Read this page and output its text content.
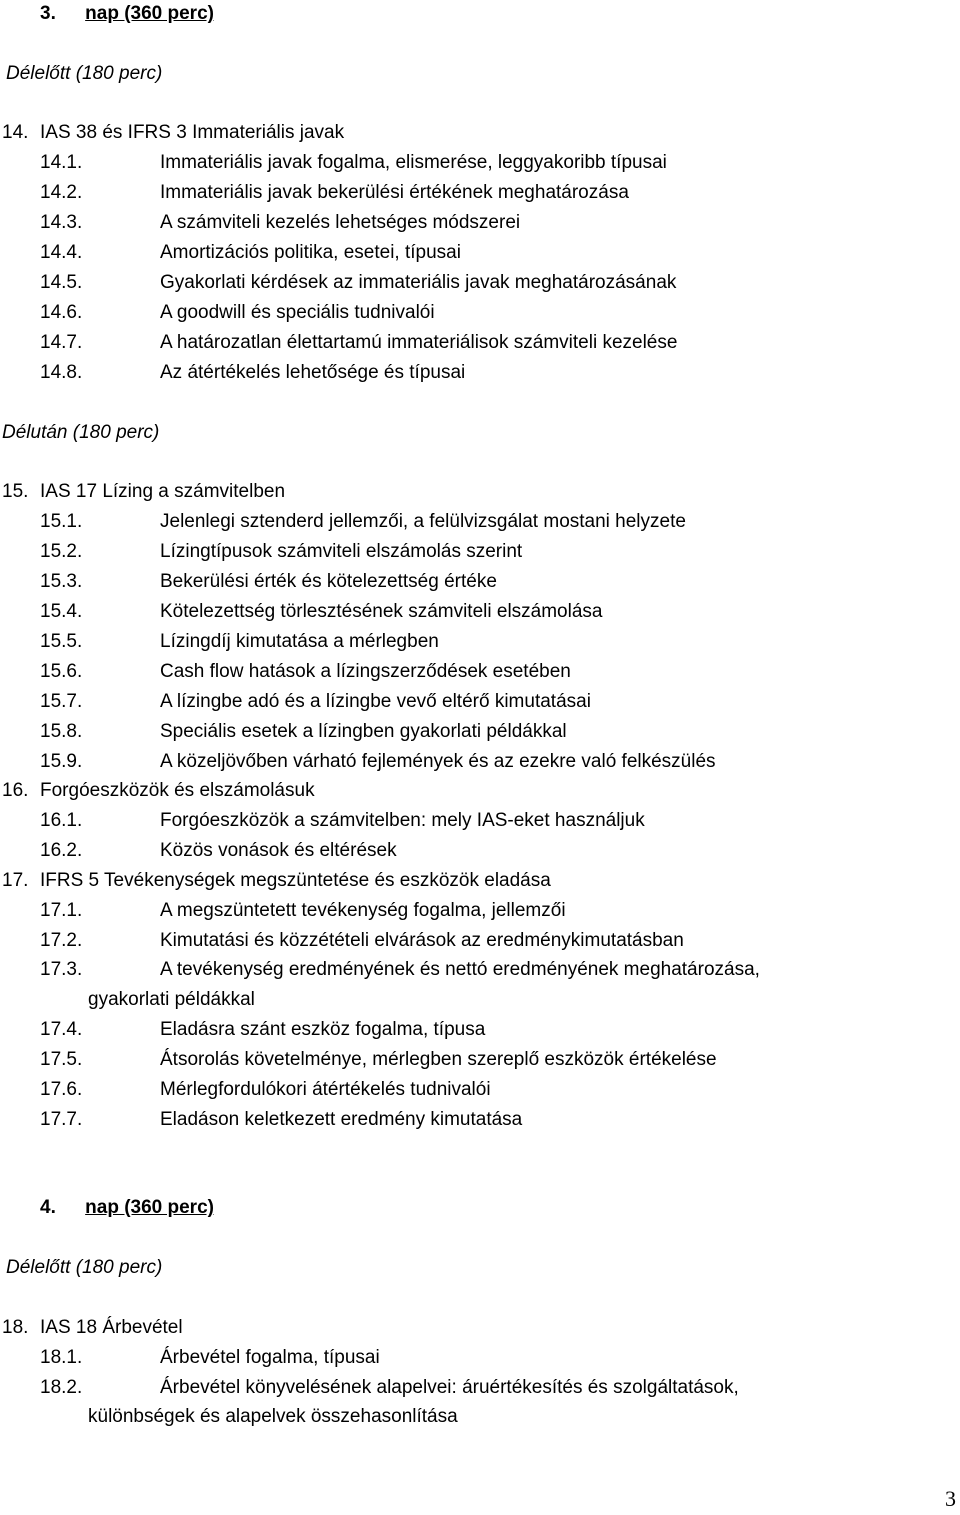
3. nap (360 perc)
Délelőtt (180 perc)
14. IAS 38 és IFRS 3 Immateriális javak
14.1.	Immateriális javak fogalma, elismerése, leggyakoribb típusai
14.2.	Immateriális javak bekerülési értékének meghatározása
14.3.	A számviteli kezelés lehetséges módszerei
14.4.	Amortizációs politika, esetei, típusai
14.5.	Gyakorlati kérdések az immateriális javak meghatározásának
14.6.	A goodwill és speciális tudnivalói
14.7.	A határozatlan élettartamú immateriálisok számviteli kezelése
14.8.	Az átértékelés lehetősége és típusai
Délután (180 perc)
15. IAS 17 Lízing a számvitelben
15.1.	Jelenlegi sztenderd jellemzői, a felülvizsgálat mostani helyzete
15.2.	Lízingtípusok számviteli elszámolás szerint
15.3.	Bekerülési érték és kötelezettség értéke
15.4.	Kötelezettség törlesztésének számviteli elszámolása
15.5.	Lízingdíj kimutatása a mérlegben
15.6.	Cash flow hatások a lízingszerződések esetében
15.7.	A lízingbe adó és a lízingbe vevő eltérő kimutatásai
15.8.	Speciális esetek a lízingben gyakorlati példákkal
15.9.	A közeljövőben várható fejlemények és az ezekre való felkészülés
16. Forgóeszközök és elszámolásuk
16.1.	Forgóeszközök a számvitelben: mely IAS-eket használjuk
16.2.	Közös vonások és eltérések
17. IFRS 5 Tevékenységek megszüntetése és eszközök eladása
17.1.	A megszüntetett tevékenység fogalma, jellemzői
17.2.	Kimutatási és közzétételi elvárások az eredménykimutatásban
17.3.	A tevékenység eredményének és nettó eredményének meghatározása,
gyakorlati példákkal
17.4.	Eladásra szánt eszköz fogalma, típusa
17.5.	Átsorolás követelménye, mérlegben szereplő eszközök értékelése
17.6.	Mérlegfordulókori átértékelés tudnivalói
17.7.	Eladáson keletkezett eredmény kimutatása
4. nap (360 perc)
Délelőtt (180 perc)
18. IAS 18 Árbevétel
18.1.	Árbevétel fogalma, típusai
18.2.	Árbevétel könyvelésének alapelvei: áruértékesítés és szolgáltatások,
különbségek és alapelvek összehasonlítása
3
